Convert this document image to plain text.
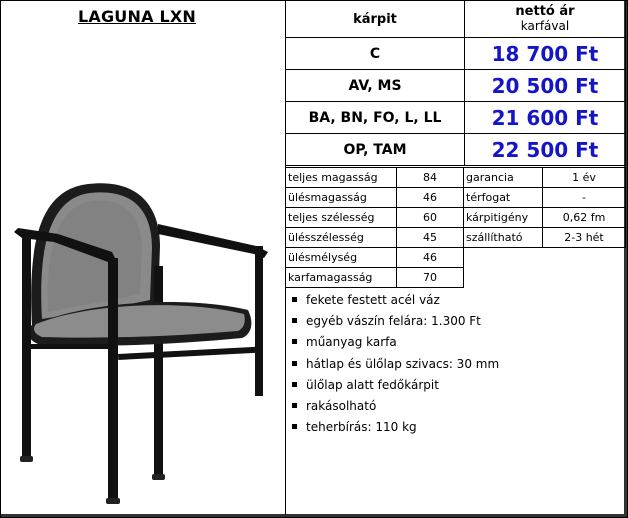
LAGUNA LXN	kárpit	nettó ár
karfával

C	18 700 Ft
AV, MS	20 500 Ft
BA, BN, FO, L, LL	21 600 Ft
OP, TAM	22 500 Ft
teljes magasság	84	garancia	1 év
ülésmagasság	46	térfogat	-
teljes szélesség	60	kárpitigény	0,62 fm
ülésszélesség	45	szállítható	2-3 hét
ülésmélység	46		
karfamagasság	70		
fekete festett acél váz
egyéb vászín felára: 1.300 Ft
műanyag karfa
hátlap és ülőlap szivacs: 30 mm
ülőlap alatt fedőkárpit
rakásolható
teherbírás: 110 kg
